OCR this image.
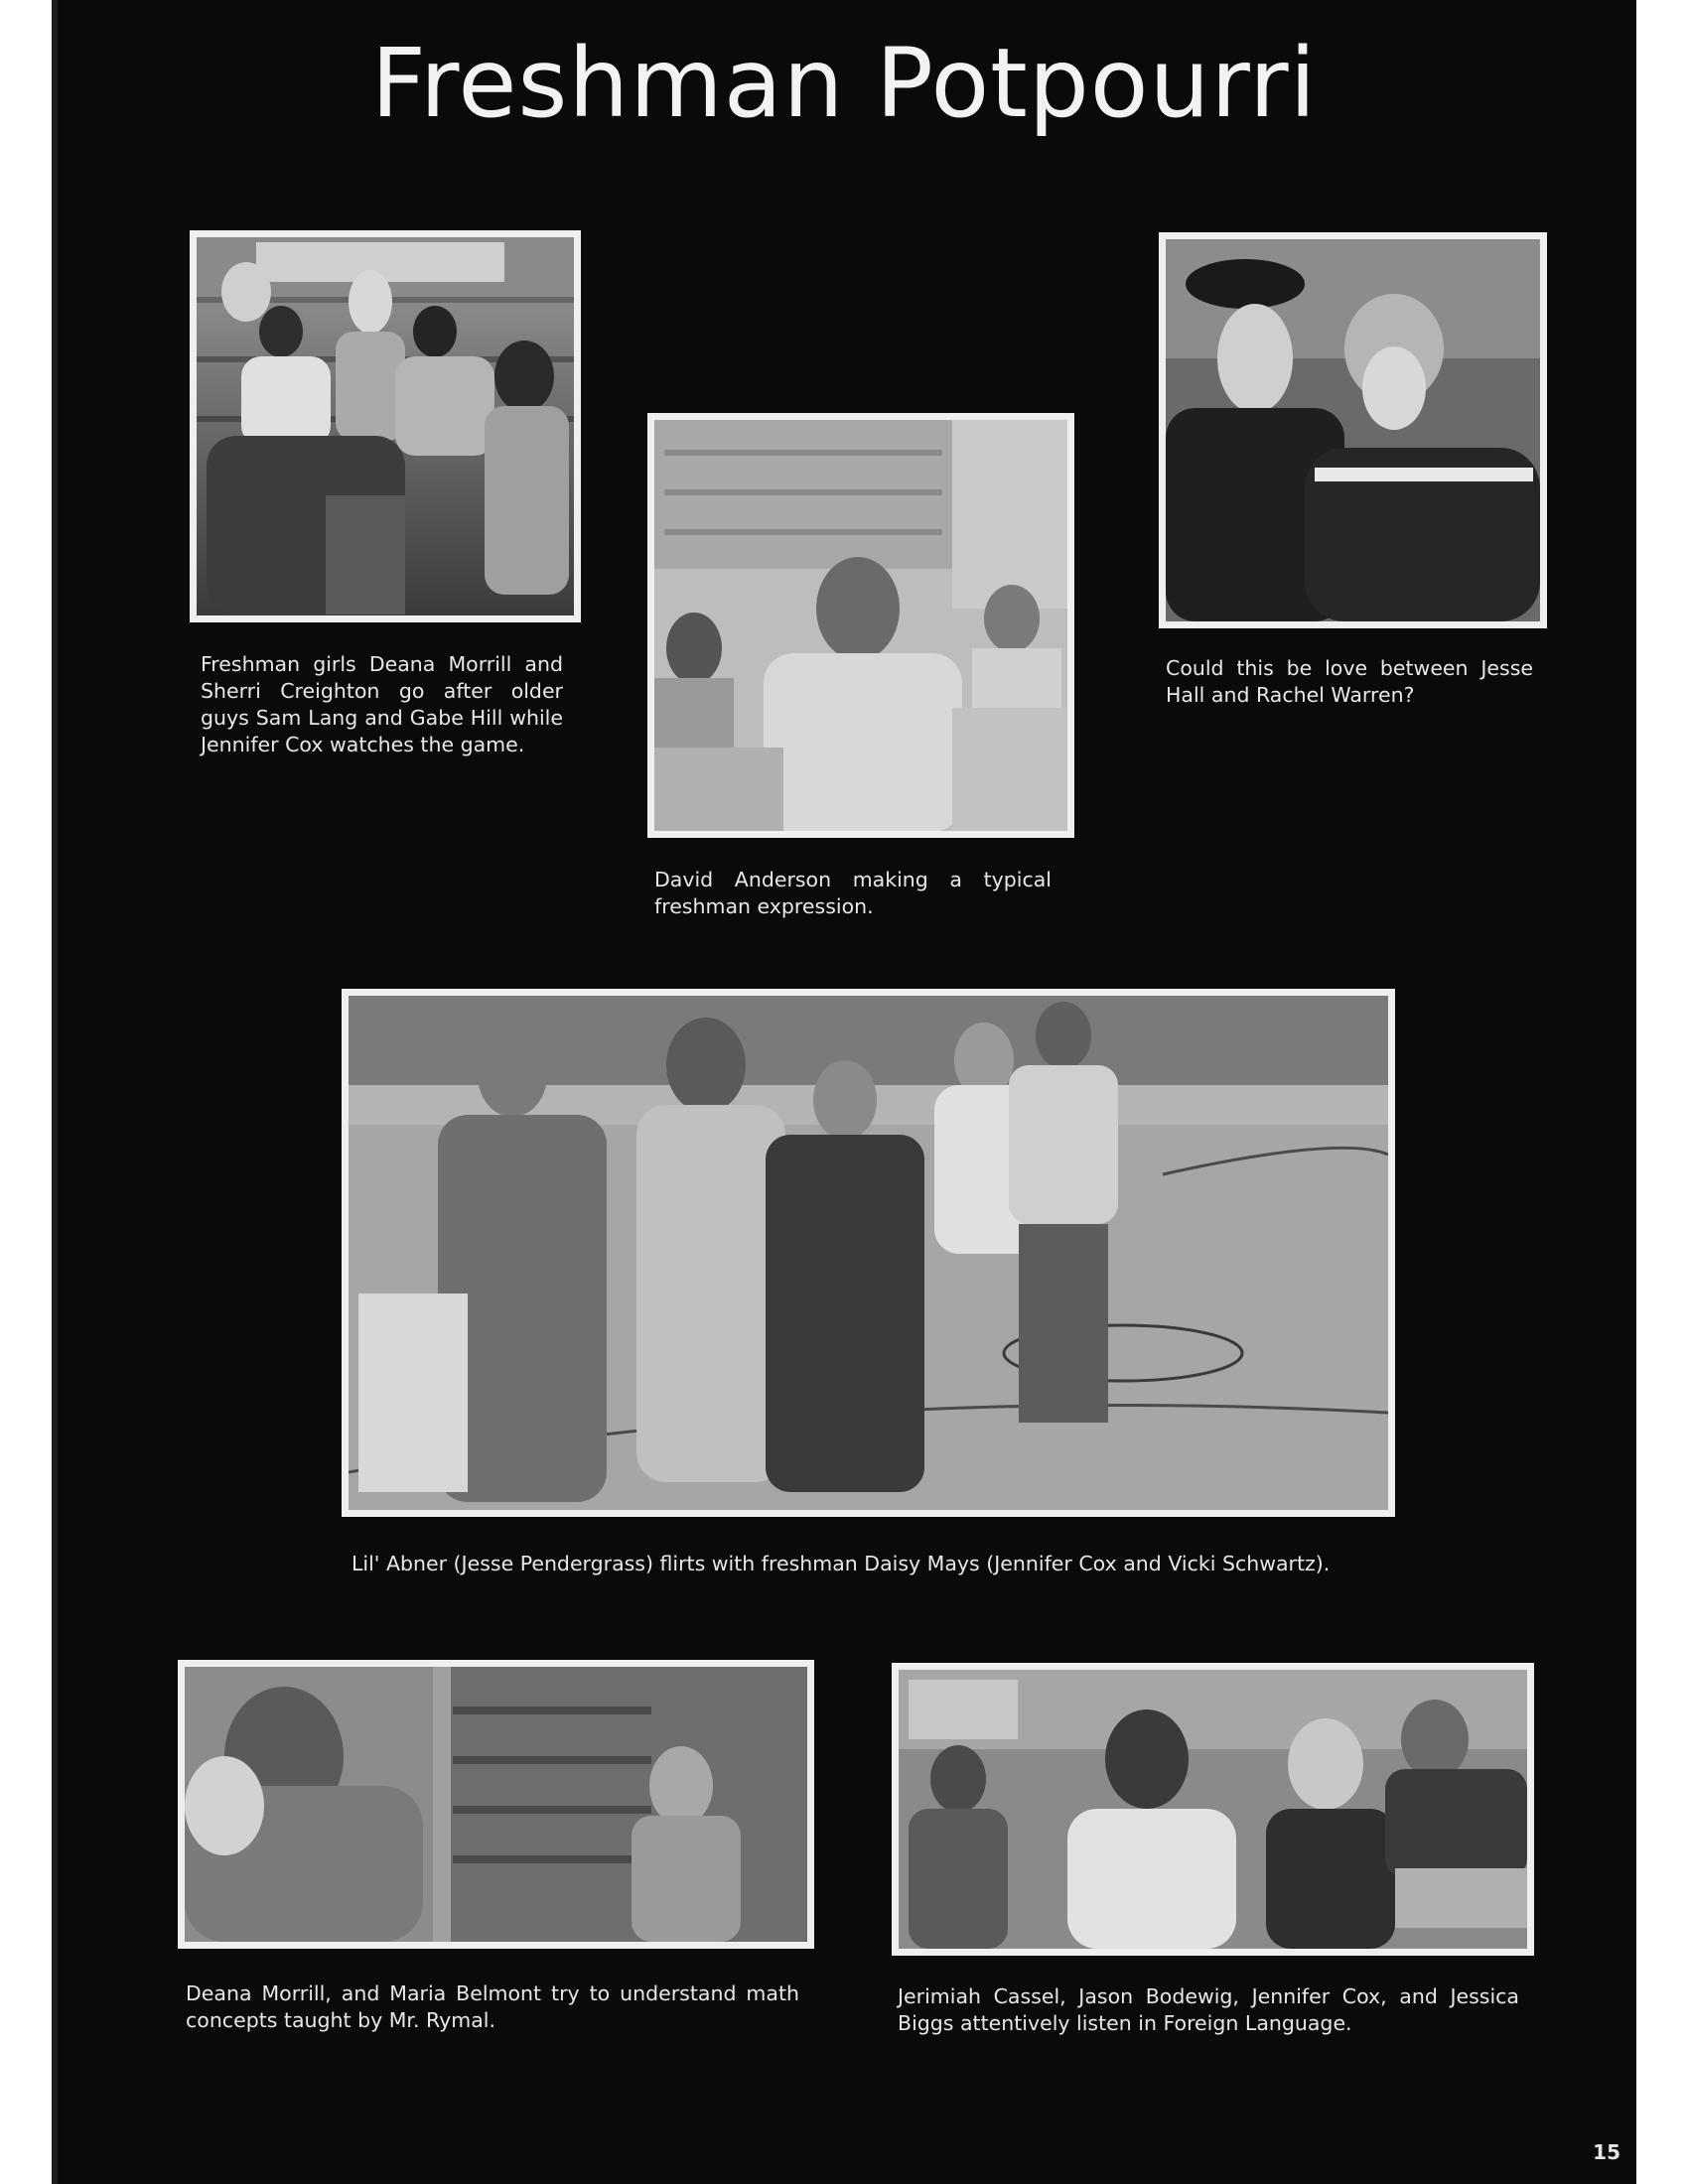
Freshman Potpourri
Freshman girls Deana Morrill and Sherri Creighton go after older guys Sam Lang and Gabe Hill while Jennifer Cox watches the game.
David Anderson making a typical freshman expression.
Could this be love between Jesse Hall and Rachel Warren?
Lil' Abner (Jesse Pendergrass) flirts with freshman Daisy Mays (Jennifer Cox and Vicki Schwartz).
Deana Morrill, and Maria Belmont try to understand math concepts taught by Mr. Rymal.
Jerimiah Cassel, Jason Bodewig, Jennifer Cox, and Jessica Biggs attentively listen in Foreign Language.
15
